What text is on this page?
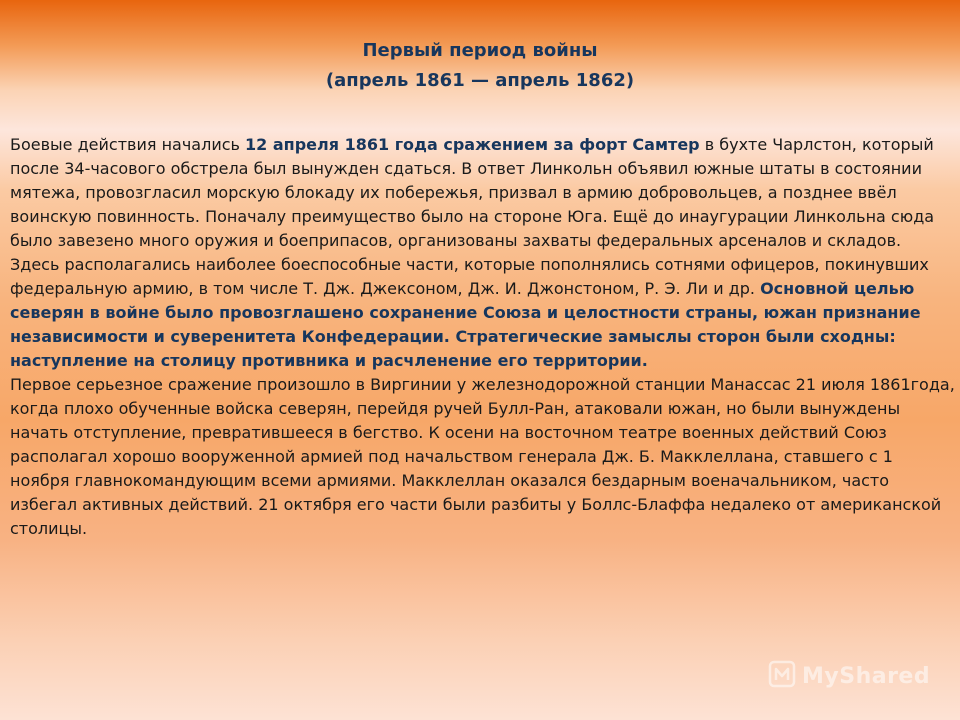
Первый период войны
(апрель 1861 — апрель 1862)

Боевые действия начались 12 апреля 1861 года сражением за форт Самтер в бухте Чарлстон, который после 34-часового обстрела был вынужден сдаться. В ответ Линкольн объявил южные штаты в состоянии мятежа, провозгласил морскую блокаду их побережья, призвал в армию добровольцев, а позднее ввёл воинскую повинность. Поначалу преимущество было на стороне Юга. Ещё до инаугурации Линкольна сюда было завезено много оружия и боеприпасов, организованы захваты федеральных арсеналов и складов. Здесь располагались наиболее боеспособные части, которые пополнялись сотнями офицеров, покинувших федеральную армию, в том числе Т. Дж. Джексоном, Дж. И. Джонстоном, Р. Э. Ли и др. Основной целью северян в войне было провозглашено сохранение Союза и целостности страны, южан признание независимости и суверенитета Конфедерации. Стратегические замыслы сторон были сходны: наступление на столицу противника и расчленение его территории.

Первое серьезное сражение произошло в Виргинии у железнодорожной станции Манассас 21 июля 1861года, когда плохо обученные войска северян, перейдя ручей Булл-Ран, атаковали южан, но были вынуждены начать отступление, превратившееся в бегство. К осени на восточном театре военных действий Союз располагал хорошо вооруженной армией под начальством генерала Дж. Б. Макклеллана, ставшего с 1 ноября главнокомандующим всеми армиями. Макклеллан оказался бездарным военачальником, часто избегал активных действий. 21 октября его части были разбиты у Боллс-Блаффа недалеко от американской столицы.

MyShared
